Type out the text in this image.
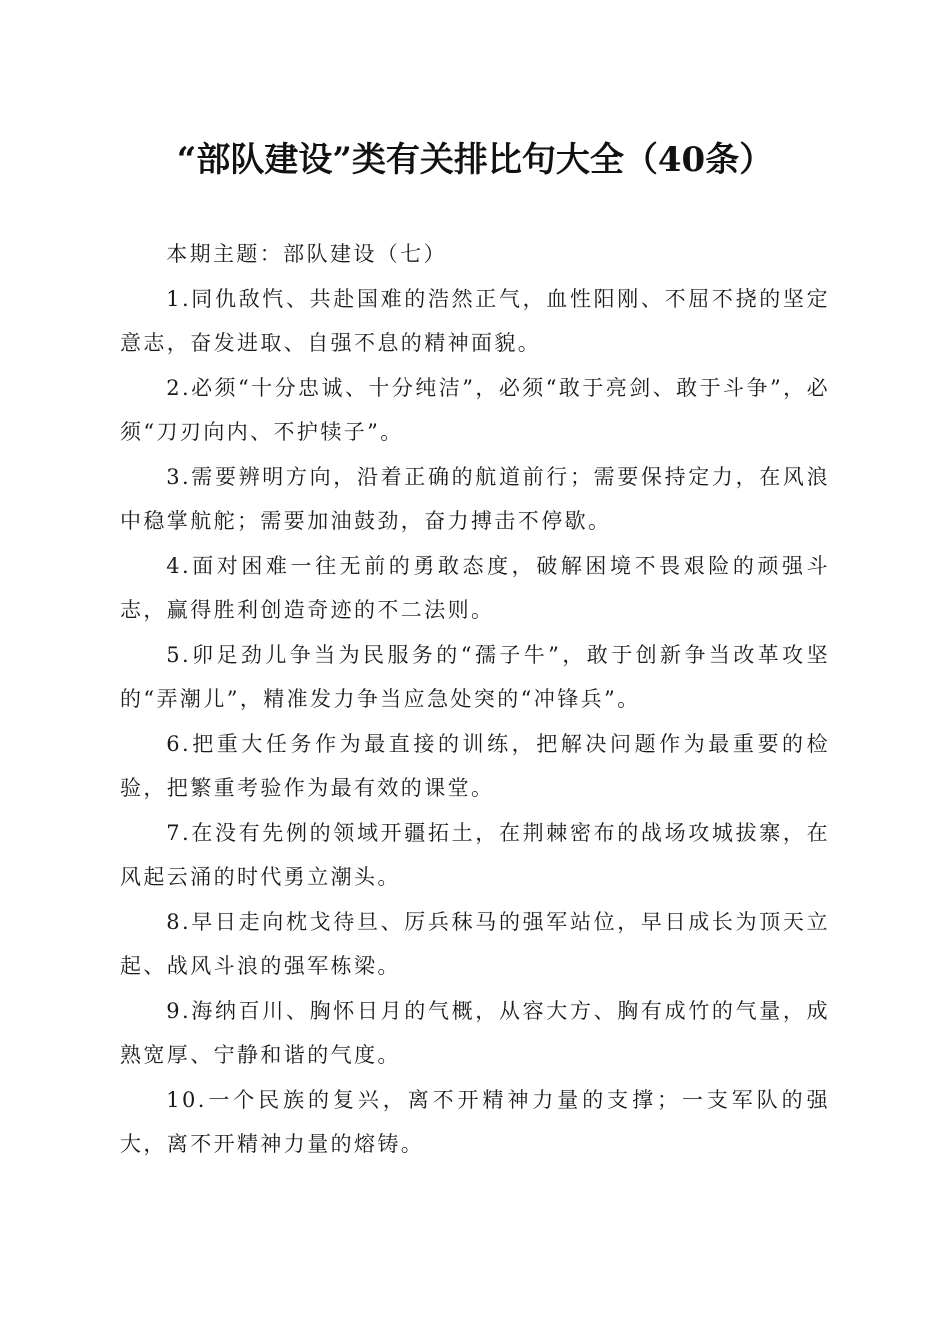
“部队建设”类有关排比句大全（40条）

本期主题：部队建设（七）

1.同仇敌忾、共赴国难的浩然正气，血性阳刚、不屈不挠的坚定意志，奋发进取、自强不息的精神面貌。

2.必须“十分忠诚、十分纯洁”，必须“敢于亮剑、敢于斗争”，必须“刀刃向内、不护犊子”。

3.需要辨明方向，沿着正确的航道前行；需要保持定力，在风浪中稳掌航舵；需要加油鼓劲，奋力搏击不停歇。

4.面对困难一往无前的勇敢态度，破解困境不畏艰险的顽强斗志，赢得胜利创造奇迹的不二法则。

5.卯足劲儿争当为民服务的“孺子牛”，敢于创新争当改革攻坚的“弄潮儿”，精准发力争当应急处突的“冲锋兵”。

6.把重大任务作为最直接的训练，把解决问题作为最重要的检验，把繁重考验作为最有效的课堂。

7.在没有先例的领域开疆拓土，在荆棘密布的战场攻城拔寨，在风起云涌的时代勇立潮头。

8.早日走向枕戈待旦、厉兵秣马的强军站位，早日成长为顶天立起、战风斗浪的强军栋梁。

9.海纳百川、胸怀日月的气概，从容大方、胸有成竹的气量，成熟宽厚、宁静和谐的气度。

10.一个民族的复兴，离不开精神力量的支撑；一支军队的强大，离不开精神力量的熔铸。
